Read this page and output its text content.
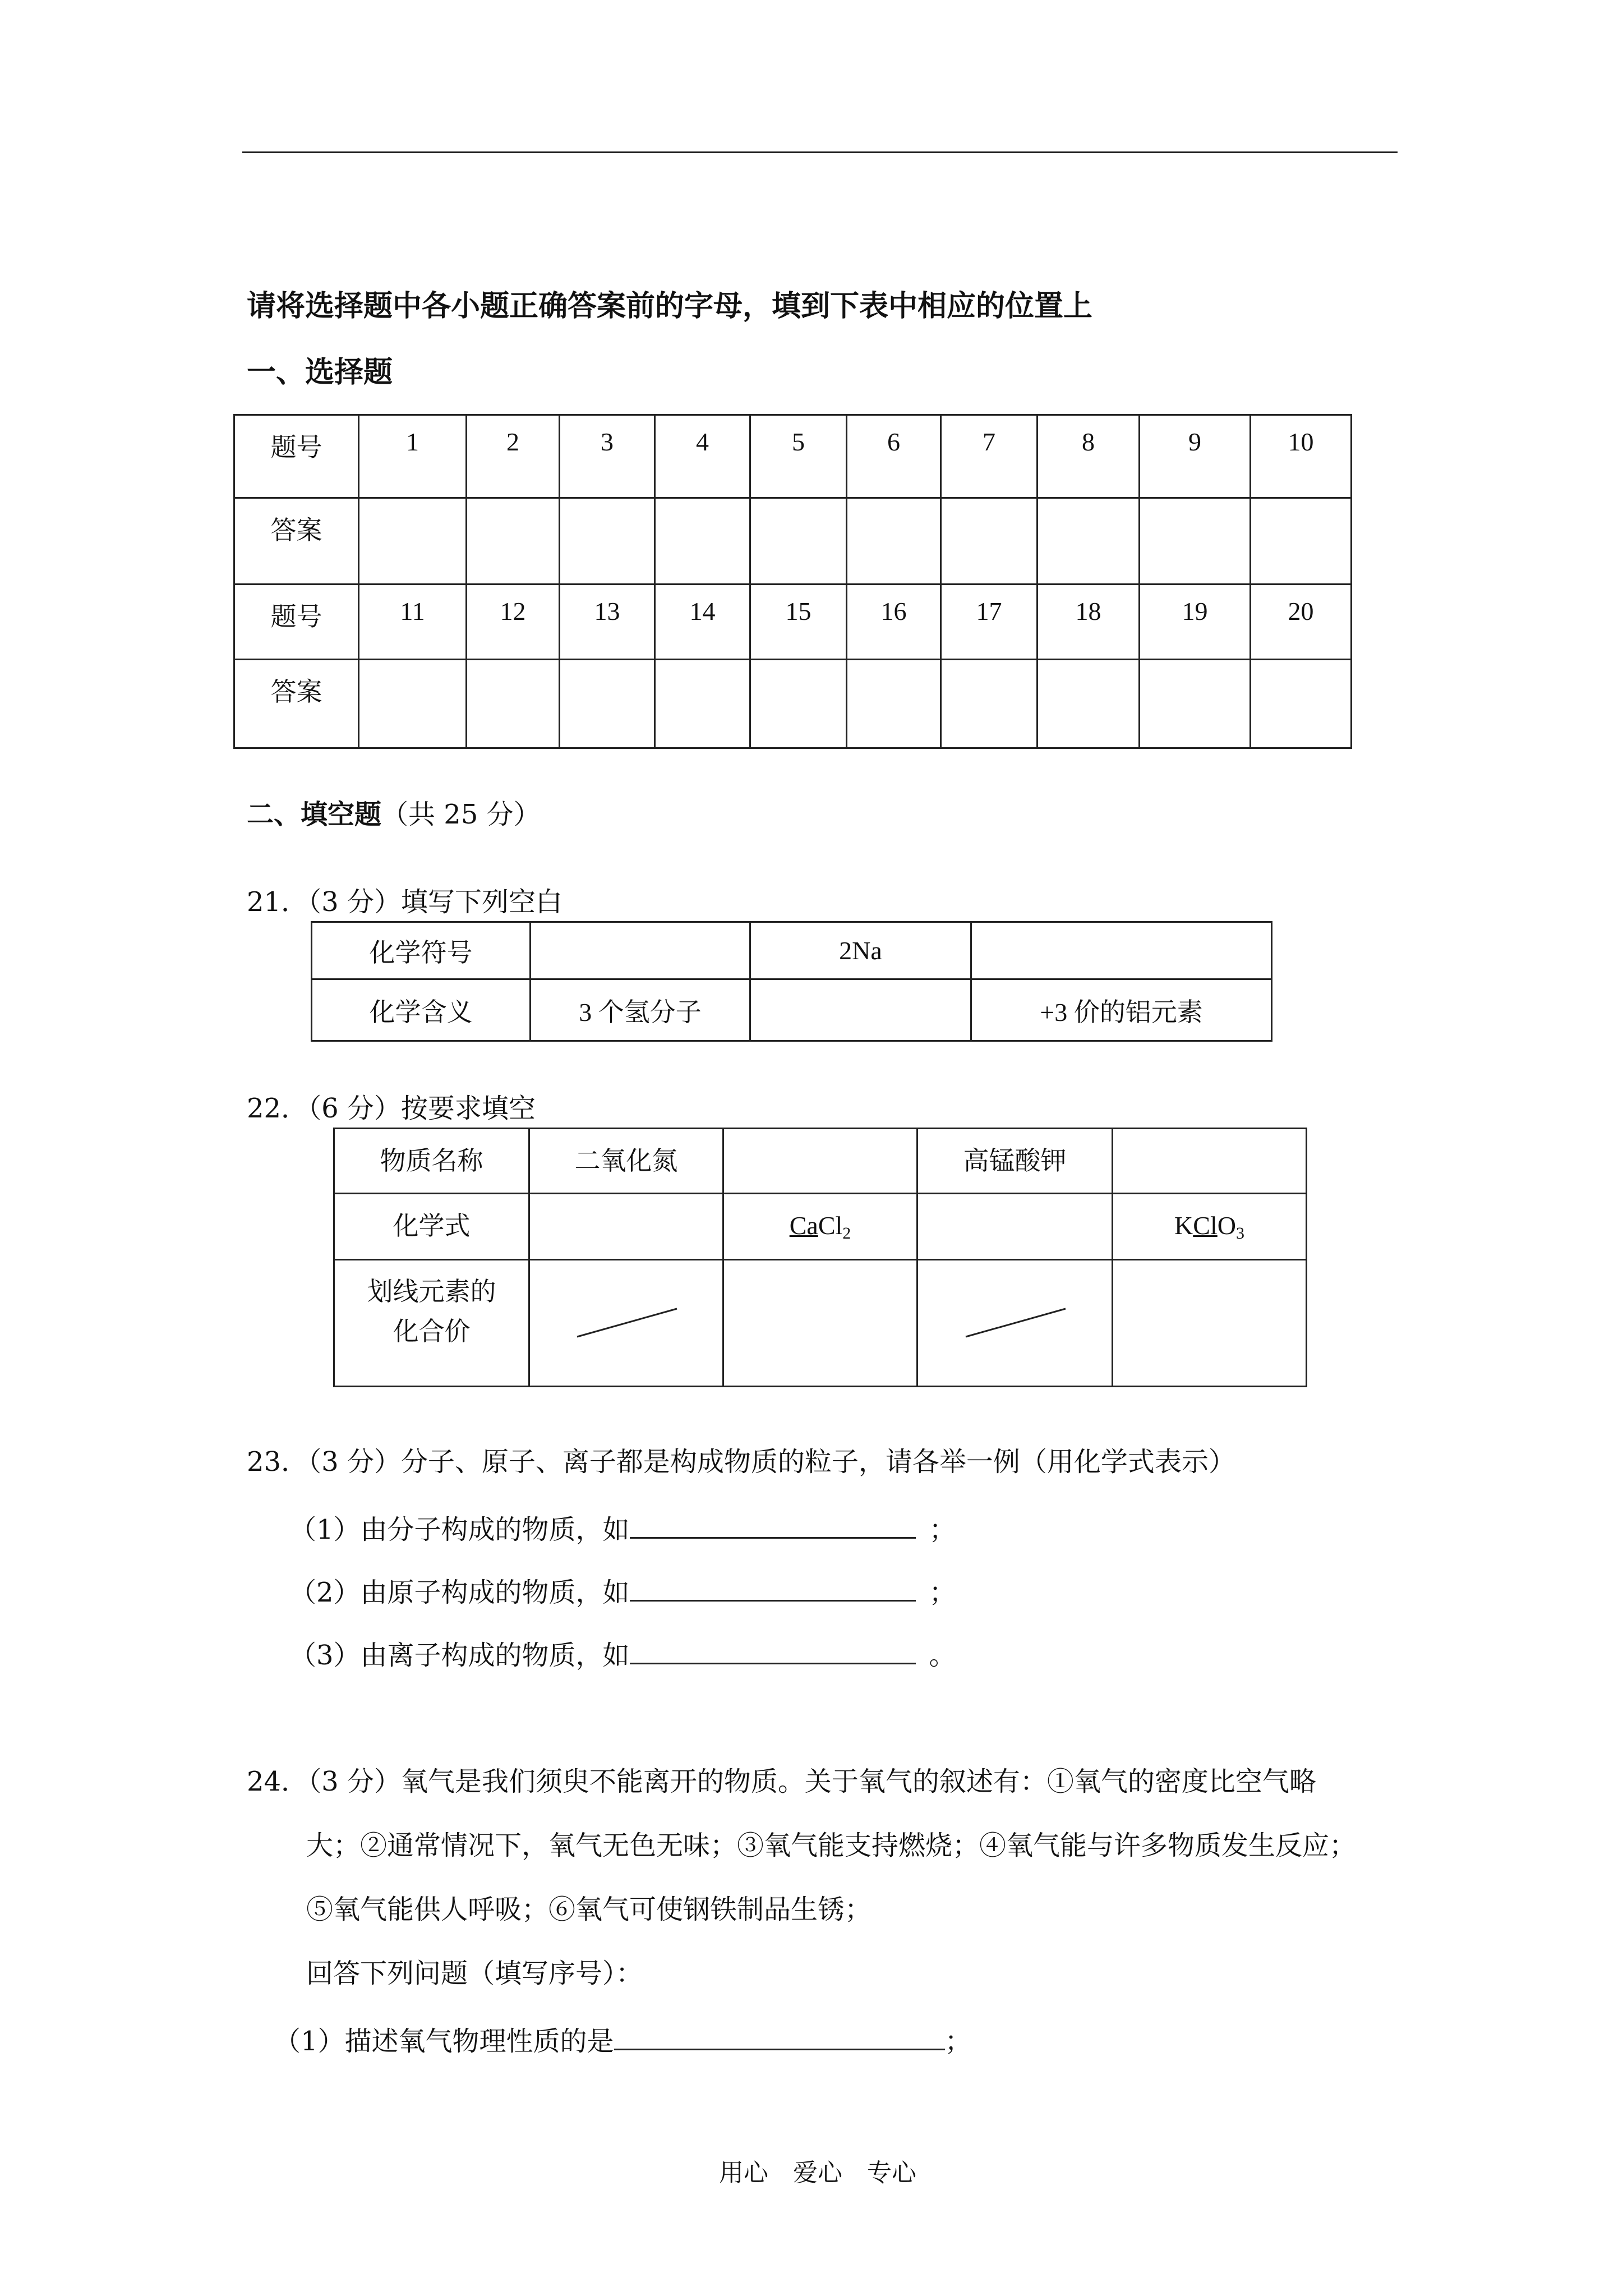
请将选择题中各小题正确答案前的字母，填到下表中相应的位置上
一、选择题
题号	1	2	3	4	5	6	7	8	9	10
答案										
题号	11	12	13	14	15	16	17	18	19	20
答案										
二、填空题（共 25 分）
21．（3 分）填写下列空白
化学符号		2Na	
化学含义	3 个氢分子		+3 价的铝元素
22．（6 分）按要求填空
物质名称	二氧化氮		高锰酸钾	
化学式		CaCl$_2$		KClO$_3$

划线元素的
化合价

23．（3 分）分子、原子、离子都是构成物质的粒子，请各举一例（用化学式表示）
（1）由分子构成的物质，如	；
（2）由原子构成的物质，如	；
（3）由离子构成的物质，如	。
24．（3 分）氧气是我们须臾不能离开的物质。关于氧气的叙述有：①氧气的密度比空气略
大；②通常情况下，氧气无色无味；③氧气能支持燃烧；④氧气能与许多物质发生反应；
⑤氧气能供人呼吸；⑥氧气可使钢铁制品生锈；
回答下列问题（填写序号）：
（1）描述氧气物理性质的是	；
用心　爱心　专心
